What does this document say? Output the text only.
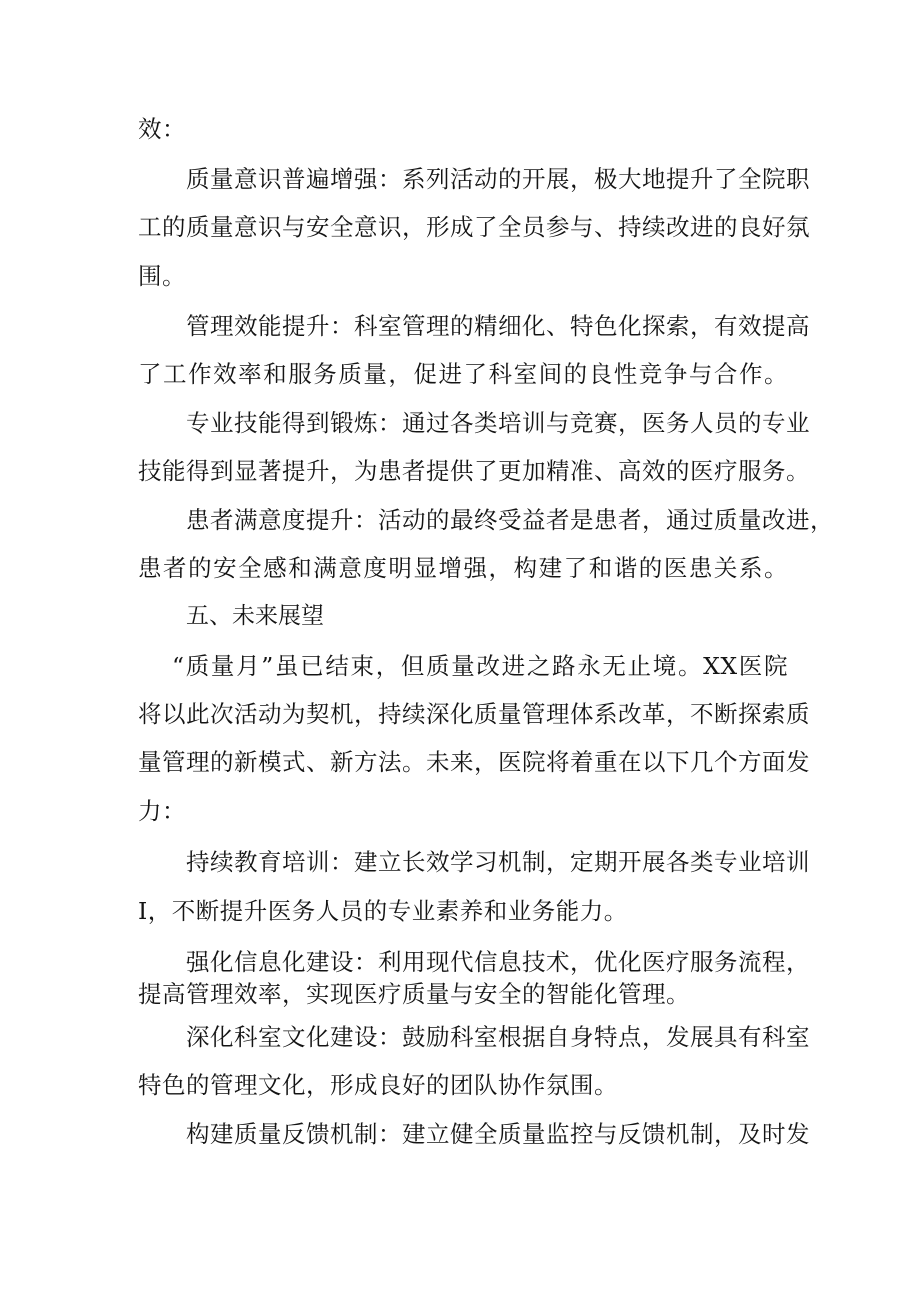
效：
质量意识普遍增强：系列活动的开展，极大地提升了全院职
工的质量意识与安全意识，形成了全员参与、持续改进的良好氛
围。
管理效能提升：科室管理的精细化、特色化探索，有效提高
了工作效率和服务质量，促进了科室间的良性竞争与合作。
专业技能得到锻炼：通过各类培训与竞赛，医务人员的专业
技能得到显著提升，为患者提供了更加精准、高效的医疗服务。
患者满意度提升：活动的最终受益者是患者，通过质量改进，
患者的安全感和满意度明显增强，构建了和谐的医患关系。
五、未来展望
“质量月”虽已结束，但质量改进之路永无止境。XX医院
将以此次活动为契机，持续深化质量管理体系改革，不断探索质
量管理的新模式、新方法。未来，医院将着重在以下几个方面发
力：
持续教育培训：建立长效学习机制，定期开展各类专业培训
Ⅰ，不断提升医务人员的专业素养和业务能力。
强化信息化建设：利用现代信息技术，优化医疗服务流程，
提高管理效率，实现医疗质量与安全的智能化管理。
深化科室文化建设：鼓励科室根据自身特点，发展具有科室
特色的管理文化，形成良好的团队协作氛围。
构建质量反馈机制：建立健全质量监控与反馈机制，及时发
